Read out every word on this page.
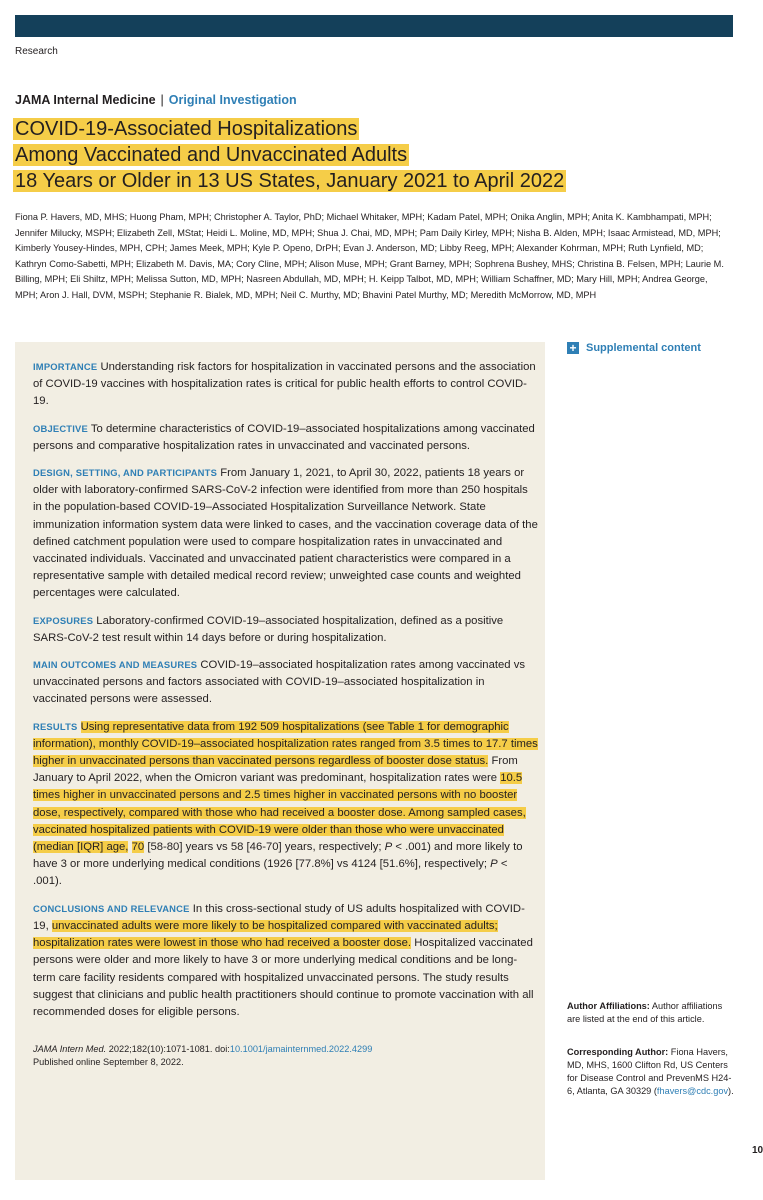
Research
JAMA Internal Medicine | Original Investigation
COVID-19-Associated Hospitalizations
Among Vaccinated and Unvaccinated Adults
18 Years or Older in 13 US States, January 2021 to April 2022

Fiona P. Havers, MD, MHS; Huong Pham, MPH; Christopher A. Taylor, PhD; Michael Whitaker, MPH; Kadam Patel, MPH; Onika Anglin, MPH; Anita K. Kambhampati, MPH; Jennifer Milucky, MSPH; Elizabeth Zell, MStat; Heidi L. Moline, MD, MPH; Shua J. Chai, MD, MPH; Pam Daily Kirley, MPH; Nisha B. Alden, MPH; Isaac Armistead, MD, MPH; Kimberly Yousey-Hindes, MPH, CPH; James Meek, MPH; Kyle P. Openo, DrPH; Evan J. Anderson, MD; Libby Reeg, MPH; Alexander Kohrman, MPH; Ruth Lynfield, MD; Kathryn Como-Sabetti, MPH; Elizabeth M. Davis, MA; Cory Cline, MPH; Alison Muse, MPH; Grant Barney, MPH; Sophrena Bushey, MHS; Christina B. Felsen, MPH; Laurie M. Billing, MPH; Eli Shiltz, MPH; Melissa Sutton, MD, MPH; Nasreen Abdullah, MD, MPH; H. Keipp Talbot, MD, MPH; William Schaffner, MD; Mary Hill, MPH; Andrea George, MPH; Aron J. Hall, DVM, MSPH; Stephanie R. Bialek, MD, MPH; Neil C. Murthy, MD; Bhavini Patel Murthy, MD; Meredith McMorrow, MD, MPH

IMPORTANCE Understanding risk factors for hospitalization in vaccinated persons and the association of COVID-19 vaccines with hospitalization rates is critical for public health efforts to control COVID-19.

OBJECTIVE To determine characteristics of COVID-19–associated hospitalizations among vaccinated persons and comparative hospitalization rates in unvaccinated and vaccinated persons.

DESIGN, SETTING, AND PARTICIPANTS From January 1, 2021, to April 30, 2022, patients 18 years or older with laboratory-confirmed SARS-CoV-2 infection were identified from more than 250 hospitals in the population-based COVID-19–Associated Hospitalization Surveillance Network. State immunization information system data were linked to cases, and the vaccination coverage data of the defined catchment population were used to compare hospitalization rates in unvaccinated and vaccinated individuals. Vaccinated and unvaccinated patient characteristics were compared in a representative sample with detailed medical record review; unweighted case counts and weighted percentages were calculated.

EXPOSURES Laboratory-confirmed COVID-19–associated hospitalization, defined as a positive SARS-CoV-2 test result within 14 days before or during hospitalization.

MAIN OUTCOMES AND MEASURES COVID-19–associated hospitalization rates among vaccinated vs unvaccinated persons and factors associated with COVID-19–associated hospitalization in vaccinated persons were assessed.

RESULTS Using representative data from 192 509 hospitalizations (see Table 1 for demographic information), monthly COVID-19–associated hospitalization rates ranged from 3.5 times to 17.7 times higher in unvaccinated persons than vaccinated persons regardless of booster dose status. From January to April 2022, when the Omicron variant was predominant, hospitalization rates were 10.5 times higher in unvaccinated persons and 2.5 times higher in vaccinated persons with no booster dose, respectively, compared with those who had received a booster dose. Among sampled cases, vaccinated hospitalized patients with COVID-19 were older than those who were unvaccinated (median [IQR] age, 70 [58-80] years vs 58 [46-70] years, respectively; P < .001) and more likely to have 3 or more underlying medical conditions (1926 [77.8%] vs 4124 [51.6%], respectively; P < .001).

CONCLUSIONS AND RELEVANCE In this cross-sectional study of US adults hospitalized with COVID-19, unvaccinated adults were more likely to be hospitalized compared with vaccinated adults; hospitalization rates were lowest in those who had received a booster dose. Hospitalized vaccinated persons were older and more likely to have 3 or more underlying medical conditions and be long-term care facility residents compared with hospitalized unvaccinated persons. The study results suggest that clinicians and public health practitioners should continue to promote vaccination with all recommended doses for eligible persons.

JAMA Intern Med. 2022;182(10):1071-1081. doi:10.1001/jamainternmed.2022.4299
Published online September 8, 2022.
+ Supplemental content
Author Affiliations: Author affiliations are listed at the end of this article.
Corresponding Author: Fiona Havers, MD, MHS, 1600 Clifton Rd, US Centers for Disease Control and PrevenMS H24-6, Atlanta, GA 30329 (fhavers@cdc.gov).
10
